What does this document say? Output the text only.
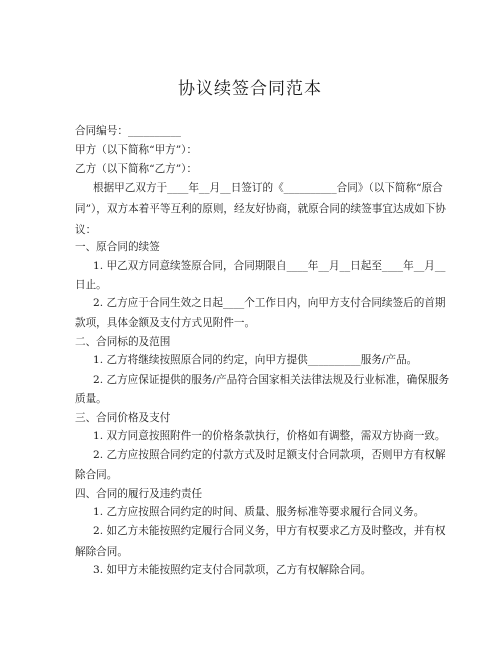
协议续签合同范本
合同编号：__________
甲方（以下简称“甲方”）：
乙方（以下简称“乙方”）：
根据甲乙双方于____年__月__日签订的《__________合同》（以下简称“原合
同”），双方本着平等互利的原则，经友好协商，就原合同的续签事宜达成如下协
议：
一、原合同的续签
1. 甲乙双方同意续签原合同，合同期限自____年__月__日起至____年__月__
日止。
2. 乙方应于合同生效之日起____个工作日内，向甲方支付合同续签后的首期
款项，具体金额及支付方式见附件一。
二、合同标的及范围
1. 乙方将继续按照原合同的约定，向甲方提供__________服务/产品。
2. 乙方应保证提供的服务/产品符合国家相关法律法规及行业标准，确保服务
质量。
三、合同价格及支付
1. 双方同意按照附件一的价格条款执行，价格如有调整，需双方协商一致。
2. 乙方应按照合同约定的付款方式及时足额支付合同款项，否则甲方有权解
除合同。
四、合同的履行及违约责任
1. 乙方应按照合同约定的时间、质量、服务标准等要求履行合同义务。
2. 如乙方未能按照约定履行合同义务，甲方有权要求乙方及时整改，并有权
解除合同。
3. 如甲方未能按照约定支付合同款项，乙方有权解除合同。
